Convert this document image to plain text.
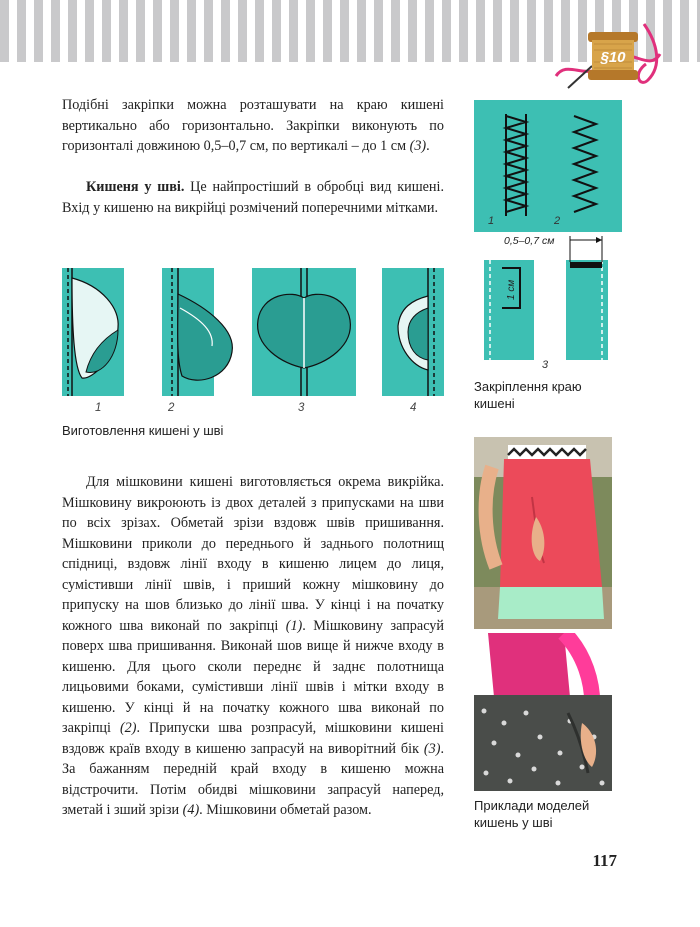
§10

Подібні закріпки можна розташувати на краю кишені вертикально або горизонтально. Закріпки виконують по горизонталі довжиною 0,5–0,7 см, по вертикалі – до 1 см (3).

Кишеня у шві. Це найпростіший в обробці вид кишені. Вхід у кишеню на викрійці розмічений поперечними мітками.

0,5–0,7 см
1 см
1	2
3

Закріплення краю кишені

1	2	3	4

Виготовлення кишені у шві

Для мішковини кишені виготовляється окрема викрійка. Мішковину викроюють із двох деталей з припусками на шви по всіх зрізах. Обметай зрізи вздовж швів пришивання. Мішковини приколи до переднього й заднього полотнищ спідниці, вздовж лінії входу в кишеню лицем до лиця, сумістивши лінії швів, і приший кожну мішковину до припуску на шов близько до лінії шва. У кінці і на початку кожного шва виконай по закріпці (1). Мішковину запрасуй поверх шва пришивання. Виконай шов вище й нижче входу в кишеню. Для цього сколи переднє й заднє полотнища лицьовими боками, сумістивши лінії швів і мітки входу в кишеню. У кінці й на початку кожного шва виконай по закріпці (2). Припуски шва розпрасуй, мішковини кишені вздовж країв входу в кишеню запрасуй на виворітний бік (3). За бажанням передній край входу в кишеню можна відстрочити. Потім обидві мішковини запрасуй наперед, зметай і зший зрізи (4). Мішковини обметай разом.	Приклади моделей кишень у шві

117
